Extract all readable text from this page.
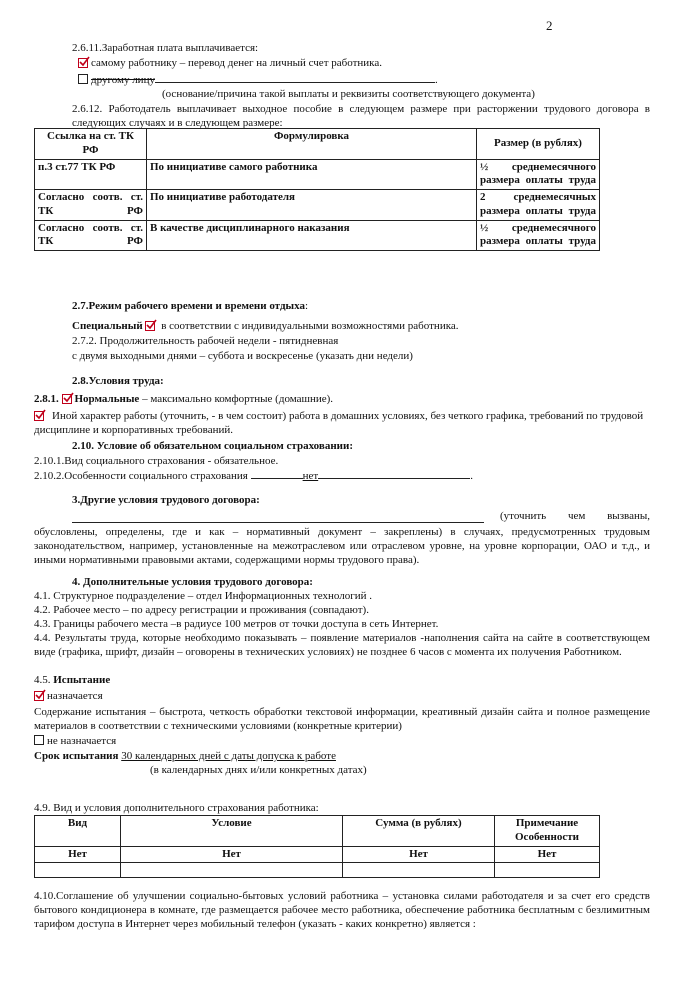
2
2.6.11.Заработная плата выплачивается:
самому работнику – перевод денег на личный счет работника.
другому лицу	.
(основание/причина такой выплаты и реквизиты соответствующего документа)
2.6.12. Работодатель выплачивает выходное пособие в следующем размере при расторжении трудового договора в следующих случаях и в следующем размере:
Ссылка на ст. ТК РФ	Формулировка	Размер (в рублях)
п.3 ст.77 ТК РФ	По инициативе самого работника	½ среднемесячного размера оплаты труда
Согласно соотв. ст. ТК РФ	По инициативе работодателя	2 среднемесячных размера оплаты труда
Согласно соотв. ст. ТК РФ	В качестве дисциплинарного наказания	½ среднемесячного размера оплаты труда
2.7.Режим рабочего времени и времени отдыха:
Специальный в соответствии с индивидуальными возможностями работника.
2.7.2. Продолжительность рабочей недели - пятидневная
с двумя выходными днями – суббота и воскресенье (указать дни недели)
2.8.Условия труда:
2.8.1. Нормальные – максимально комфортные (домашние).
Иной характер работы (уточнить, - в чем состоит) работа в домашних условиях, без четкого графика, требований по трудовой дисциплине и корпоративных требований.
2.10. Условие об обязательном социальном страховании:
2.10.1.Вид социального страхования - обязательное.
2.10.2.Особенности социального страхования	нет	.
3.Другие условия трудового договора:
(уточнить чем вызваны,
обусловлены, определены, где и как – нормативный документ – закреплены) в случаях, предусмотренных трудовым законодательством, например, установленные на межотраслевом или отраслевом уровне, на уровне корпорации, ОАО и т.д., и иными нормативными правовыми актами, содержащими нормы трудового права).
4. Дополнительные условия трудового договора:
4.1. Структурное подразделение – отдел Информационных технологий .
4.2. Рабочее место – по адресу регистрации и проживания (совпадают).
4.3. Границы рабочего места –в радиусе 100 метров от точки доступа в сеть Интернет.
4.4. Результаты труда, которые необходимо показывать – появление материалов -наполнения сайта на сайте в соответствующем виде (графика, шрифт, дизайн – оговорены в технических условиях) не позднее 6 часов с момента их получения Работником.
4.5. Испытание
назначается
Содержание испытания – быстрота, четкость обработки текстовой информации, креативный дизайн сайта и полное размещение материалов в соответствии с техническими условиями (конкретные критерии)
не назначается
Срок испытания 30 календарных дней с даты допуска к работе
(в календарных днях и/или конкретных датах)
4.9. Вид и условия дополнительного страхования работника:
Вид	Условие	Сумма (в рублях)	Примечание Особенности
Нет	Нет	Нет	Нет

4.10.Соглашение об улучшении социально-бытовых условий работника – установка силами работодателя и за счет его средств бытового кондиционера в комнате, где размещается рабочее место работника, обеспечение работника бесплатным с безлимитным тарифом доступа в Интернет через мобильный телефон (указать - каких конкретно) является :
